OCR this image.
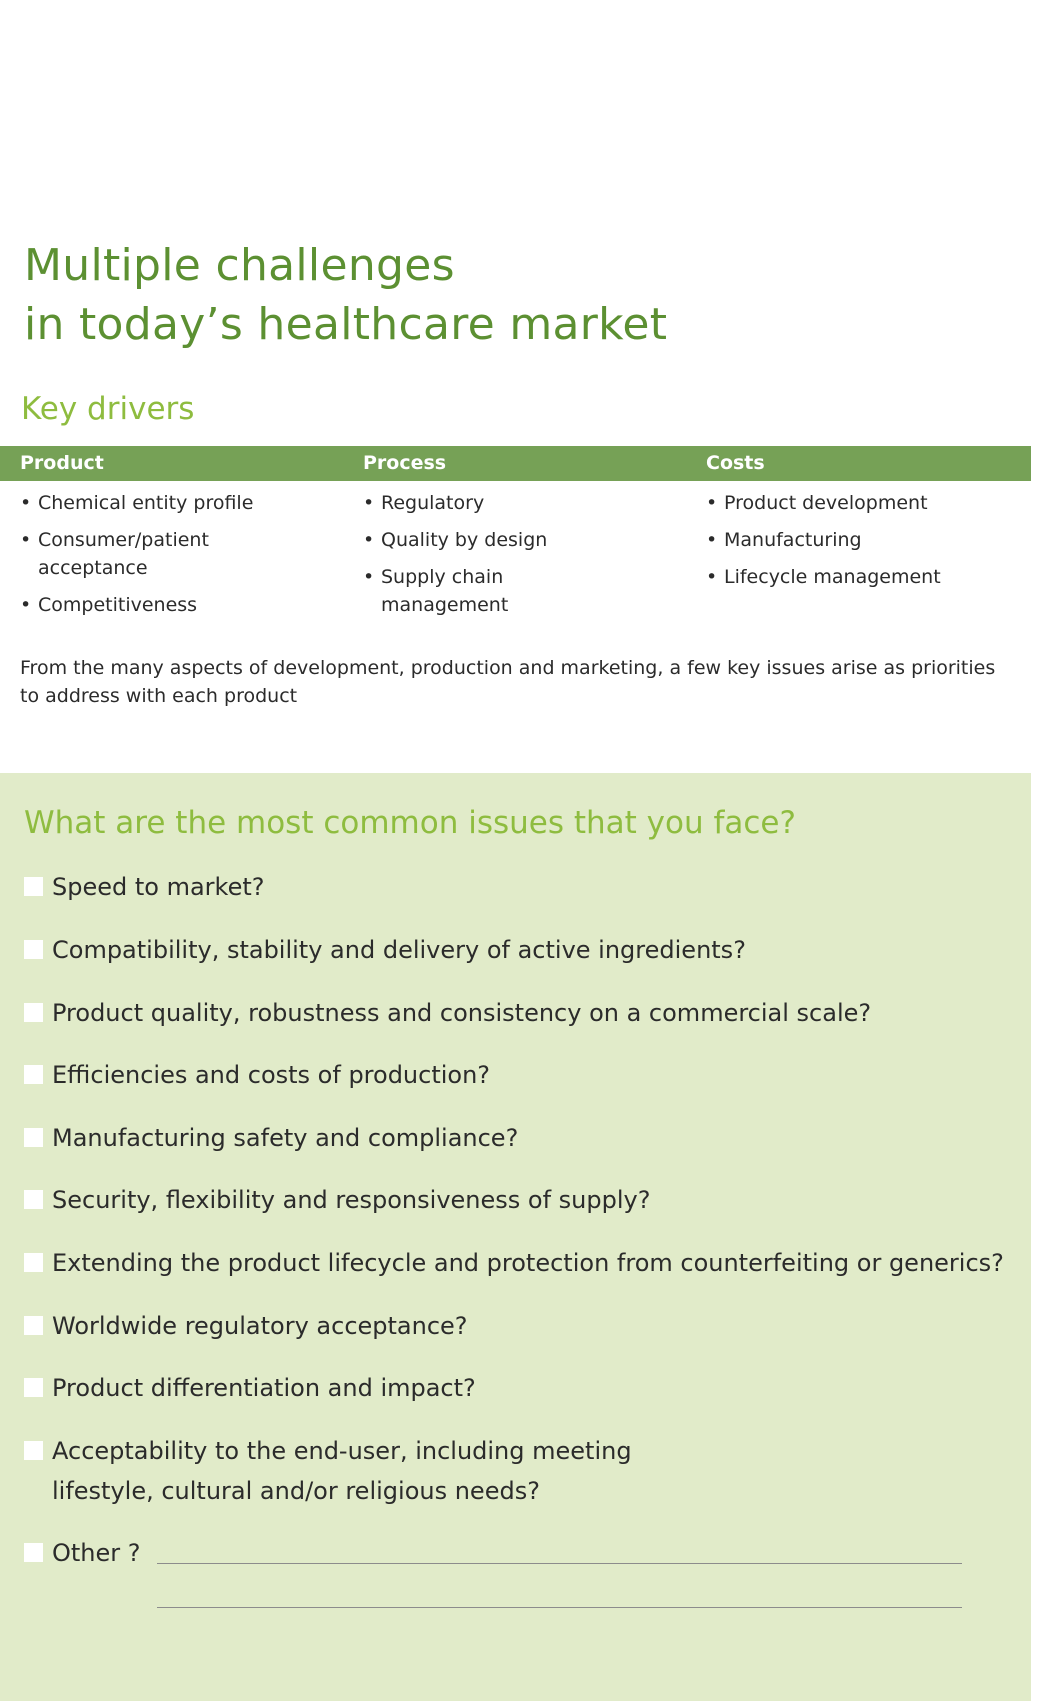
Multiple challenges
in today’s healthcare market
Key drivers
Product	Process	Costs
• Chemical entity profile
• Consumer/patient acceptance
• Competitiveness
• Regulatory
• Quality by design
• Supply chain management
• Product development
• Manufacturing
• Lifecycle management

From the many aspects of development, production and marketing, a few key issues arise as priorities to address with each product

What are the most common issues that you face?
Speed to market?
Compatibility, stability and delivery of active ingredients?
Product quality, robustness and consistency on a commercial scale?
Efficiencies and costs of production?
Manufacturing safety and compliance?
Security, flexibility and responsiveness of supply?
Extending the product lifecycle and protection from counterfeiting or generics?
Worldwide regulatory acceptance?
Product differentiation and impact?
Acceptability to the end-user, including meeting lifestyle, cultural and/or religious needs?
Other ?
